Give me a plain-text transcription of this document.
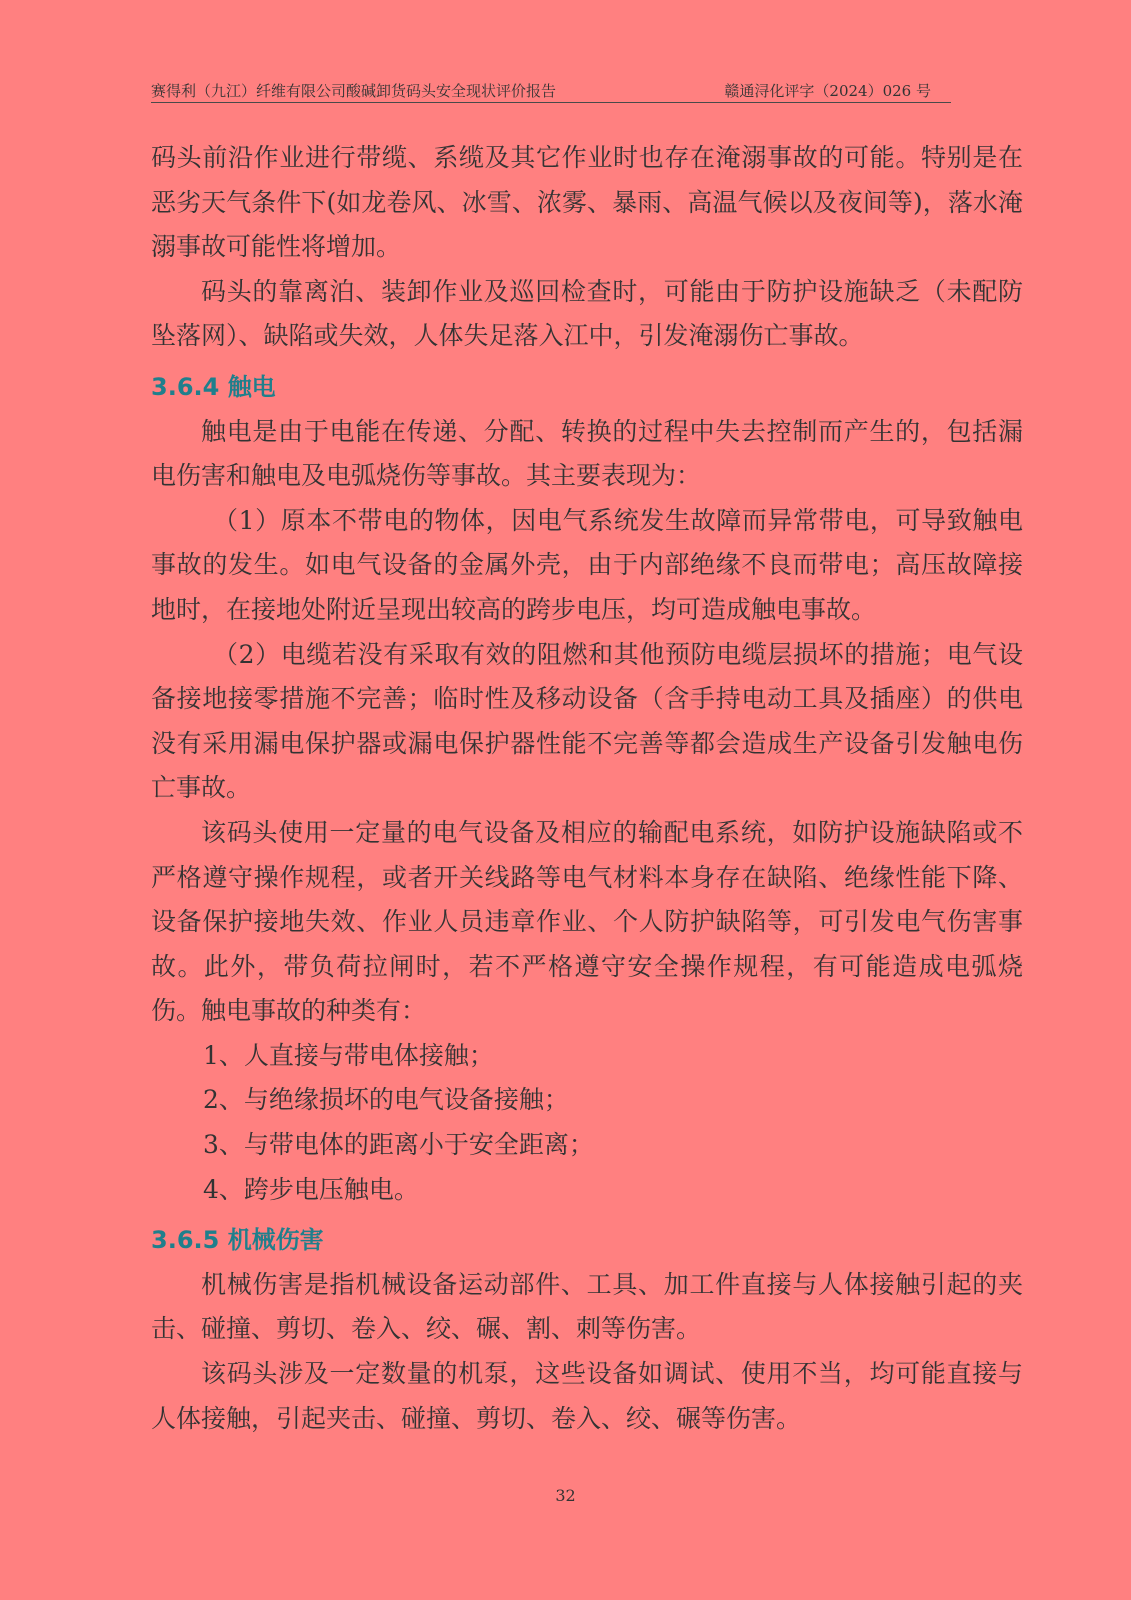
赛得利（九江）纤维有限公司酸碱卸货码头安全现状评价报告	赣通浔化评字（2024）026 号

码头前沿作业进行带缆、系缆及其它作业时也存在淹溺事故的可能。特别是在恶劣天气条件下(如龙卷风、冰雪、浓雾、暴雨、高温气候以及夜间等)，落水淹溺事故可能性将增加。

码头的靠离泊、装卸作业及巡回检查时，可能由于防护设施缺乏（未配防坠落网）、缺陷或失效，人体失足落入江中，引发淹溺伤亡事故。

3.6.4 触电

触电是由于电能在传递、分配、转换的过程中失去控制而产生的，包括漏电伤害和触电及电弧烧伤等事故。其主要表现为：

（1）原本不带电的物体，因电气系统发生故障而异常带电，可导致触电事故的发生。如电气设备的金属外壳，由于内部绝缘不良而带电；高压故障接地时，在接地处附近呈现出较高的跨步电压，均可造成触电事故。

（2）电缆若没有采取有效的阻燃和其他预防电缆层损坏的措施；电气设备接地接零措施不完善；临时性及移动设备（含手持电动工具及插座）的供电没有采用漏电保护器或漏电保护器性能不完善等都会造成生产设备引发触电伤亡事故。

该码头使用一定量的电气设备及相应的输配电系统，如防护设施缺陷或不严格遵守操作规程，或者开关线路等电气材料本身存在缺陷、绝缘性能下降、设备保护接地失效、作业人员违章作业、个人防护缺陷等，可引发电气伤害事故。此外，带负荷拉闸时，若不严格遵守安全操作规程，有可能造成电弧烧伤。触电事故的种类有：

1、人直接与带电体接触；

2、与绝缘损坏的电气设备接触；

3、与带电体的距离小于安全距离；

4、跨步电压触电。

3.6.5 机械伤害

机械伤害是指机械设备运动部件、工具、加工件直接与人体接触引起的夹击、碰撞、剪切、卷入、绞、碾、割、刺等伤害。

该码头涉及一定数量的机泵，这些设备如调试、使用不当，均可能直接与人体接触，引起夹击、碰撞、剪切、卷入、绞、碾等伤害。

32
